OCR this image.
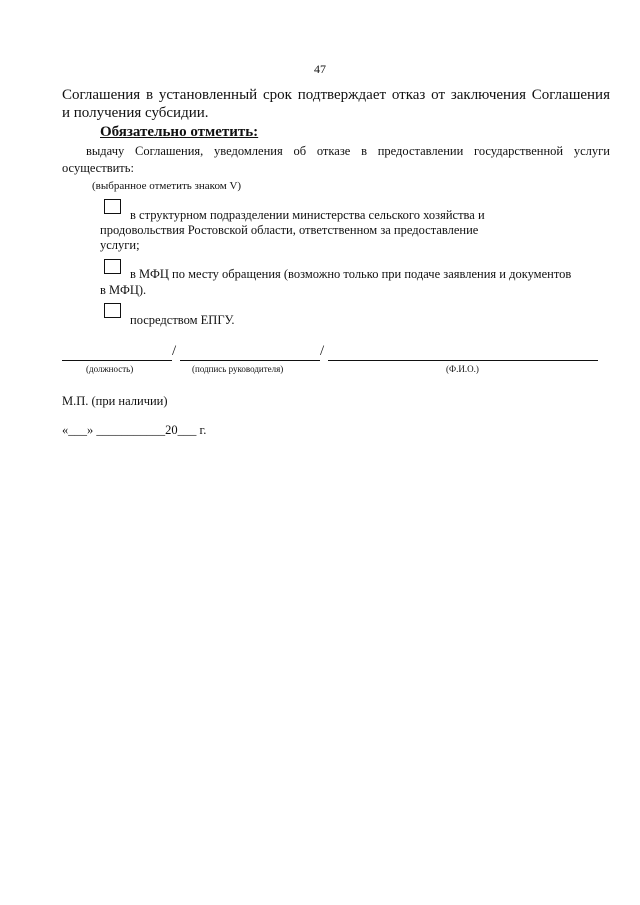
47
Соглашения в установленный срок подтверждает отказ от заключения Соглашения
и получения субсидии.
Обязательно отметить:
выдачу Соглашения, уведомления об отказе в предоставлении государственной услуги
осуществить:
(выбранное отметить знаком V)
в структурном подразделении министерства сельского хозяйства и
продовольствия Ростовской области, ответственном за предоставление
услуги;
в МФЦ по месту обращения (возможно только при подаче заявления и документов
в МФЦ).
посредством ЕПГУ.
/	/
(должность)	(подпись руководителя)	(Ф.И.О.)
М.П. (при наличии)
«___» ___________20___ г.
